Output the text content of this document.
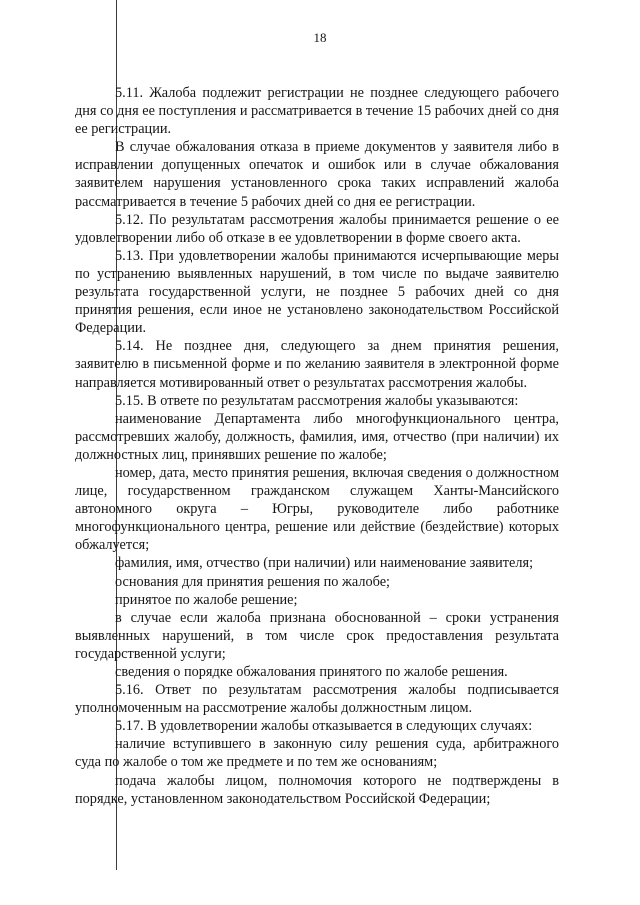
18

5.11. Жалоба подлежит регистрации не позднее следующего рабочего дня со дня ее поступления и рассматривается в течение 15 рабочих дней со дня ее регистрации.

В случае обжалования отказа в приеме документов у заявителя либо в исправлении допущенных опечаток и ошибок или в случае обжалования заявителем нарушения установленного срока таких исправлений жалоба рассматривается в течение 5 рабочих дней со дня ее регистрации.

5.12. По результатам рассмотрения жалобы принимается решение о ее удовлетворении либо об отказе в ее удовлетворении в форме своего акта.

5.13. При удовлетворении жалобы принимаются исчерпывающие меры по устранению выявленных нарушений, в том числе по выдаче заявителю результата государственной услуги, не позднее 5 рабочих дней со дня принятия решения, если иное не установлено законодательством Российской Федерации.

5.14. Не позднее дня, следующего за днем принятия решения, заявителю в письменной форме и по желанию заявителя в электронной форме направляется мотивированный ответ о результатах рассмотрения жалобы.

5.15. В ответе по результатам рассмотрения жалобы указываются:

наименование Департамента либо многофункционального центра, рассмотревших жалобу, должность, фамилия, имя, отчество (при наличии) их должностных лиц, принявших решение по жалобе;

номер, дата, место принятия решения, включая сведения о должностном лице, государственном гражданском служащем Ханты-Мансийского автономного округа – Югры, руководителе либо работнике многофункционального центра, решение или действие (бездействие) которых обжалуется;

фамилия, имя, отчество (при наличии) или наименование заявителя;

основания для принятия решения по жалобе;

принятое по жалобе решение;

в случае если жалоба признана обоснованной – сроки устранения выявленных нарушений, в том числе срок предоставления результата государственной услуги;

сведения о порядке обжалования принятого по жалобе решения.

5.16. Ответ по результатам рассмотрения жалобы подписывается уполномоченным на рассмотрение жалобы должностным лицом.

5.17. В удовлетворении жалобы отказывается в следующих случаях:

наличие вступившего в законную силу решения суда, арбитражного суда по жалобе о том же предмете и по тем же основаниям;

подача жалобы лицом, полномочия которого не подтверждены в порядке, установленном законодательством Российской Федерации;
